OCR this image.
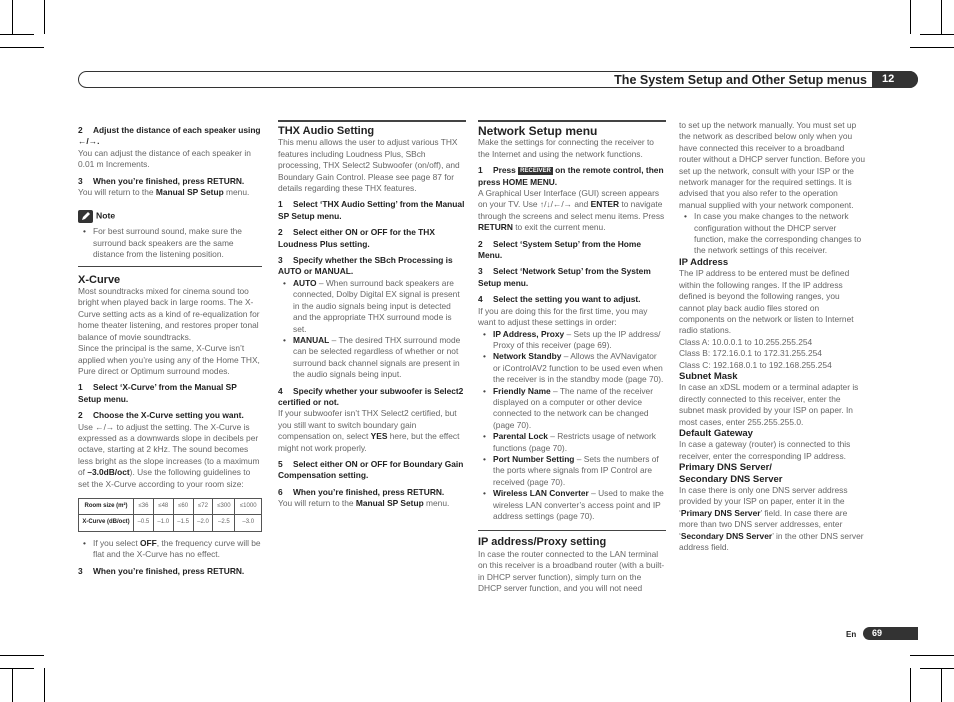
The System Setup and Other Setup menus	12

2 Adjust the distance of each speaker using ←/→.

You can adjust the distance of each speaker in 0.01 m Increments.

3 When you’re finished, press RETURN.

You will return to the Manual SP Setup menu.

Note

• For best surround sound, make sure the surround back speakers are the same distance from the listening position.

X-Curve

Most soundtracks mixed for cinema sound too bright when played back in large rooms. The X-Curve setting acts as a kind of re-equalization for home theater listening, and restores proper tonal balance of movie soundtracks.

Since the principal is the same, X-Curve isn’t applied when you’re using any of the Home THX, Pure direct or Optimum surround modes.

1 Select ‘X-Curve’ from the Manual SP Setup menu.

2 Choose the X-Curve setting you want.

Use ←/→ to adjust the setting. The X-Curve is expressed as a downwards slope in decibels per octave, starting at 2 kHz. The sound becomes less bright as the slope increases (to a maximum of –3.0dB/oct). Use the following guidelines to set the X-Curve according to your room size:

Room size (m²)	≤36	≤48	≤60	≤72	≤300	≤1000
X-Curve (dB/oct)	–0.5	–1.0	–1.5	–2.0	–2.5	–3.0
• If you select OFF, the frequency curve will be flat and the X-Curve has no effect.

3 When you’re finished, press RETURN.

THX Audio Setting

This menu allows the user to adjust various THX features including Loudness Plus, SBch processing, THX Select2 Subwoofer (on/off), and Boundary Gain Control. Please see page 87 for details regarding these THX features.

1 Select ‘THX Audio Setting’ from the Manual SP Setup menu.

2 Select either ON or OFF for the THX Loudness Plus setting.

3 Specify whether the SBch Processing is AUTO or MANUAL.

• AUTO – When surround back speakers are connected, Dolby Digital EX signal is present in the audio signals being input is detected and the appropriate THX surround mode is set.
• MANUAL – The desired THX surround mode can be selected regardless of whether or not surround back channel signals are present in the audio signals being input.

4 Specify whether your subwoofer is Select2 certified or not.

If your subwoofer isn’t THX Select2 certified, but you still want to switch boundary gain compensation on, select YES here, but the effect might not work properly.

5 Select either ON or OFF for Boundary Gain Compensation setting.

6 When you’re finished, press RETURN.

You will return to the Manual SP Setup menu.

Network Setup menu

Make the settings for connecting the receiver to the Internet and using the network functions.

1 Press RECEIVER on the remote control, then press HOME MENU.

A Graphical User Interface (GUI) screen appears on your TV. Use ↑/↓/←/→ and ENTER to navigate through the screens and select menu items. Press RETURN to exit the current menu.

2 Select ‘System Setup’ from the Home Menu.

3 Select ‘Network Setup’ from the System Setup menu.

4 Select the setting you want to adjust.

If you are doing this for the first time, you may want to adjust these settings in order:

• IP Address, Proxy – Sets up the IP address/ Proxy of this receiver (page 69).
• Network Standby – Allows the AVNavigator or iControlAV2 function to be used even when the receiver is in the standby mode (page 70).
• Friendly Name – The name of the receiver displayed on a computer or other device connected to the network can be changed (page 70).
• Parental Lock – Restricts usage of network functions (page 70).
• Port Number Setting – Sets the numbers of the ports where signals from IP Control are received (page 70).
• Wireless LAN Converter – Used to make the wireless LAN converter’s access point and IP address settings (page 70).

IP address/Proxy setting

In case the router connected to the LAN terminal on this receiver is a broadband router (with a built-in DHCP server function), simply turn on the DHCP server function, and you will not need

to set up the network manually. You must set up the network as described below only when you have connected this receiver to a broadband router without a DHCP server function. Before you set up the network, consult with your ISP or the network manager for the required settings. It is advised that you also refer to the operation manual supplied with your network component.

• In case you make changes to the network configuration without the DHCP server function, make the corresponding changes to the network settings of this receiver.

IP Address

The IP address to be entered must be defined within the following ranges. If the IP address defined is beyond the following ranges, you cannot play back audio files stored on components on the network or listen to Internet radio stations.

Class A: 10.0.0.1 to 10.255.255.254

Class B: 172.16.0.1 to 172.31.255.254

Class C: 192.168.0.1 to 192.168.255.254

Subnet Mask

In case an xDSL modem or a terminal adapter is directly connected to this receiver, enter the subnet mask provided by your ISP on paper. In most cases, enter 255.255.255.0.

Default Gateway

In case a gateway (router) is connected to this receiver, enter the corresponding IP address.

Primary DNS Server/

Secondary DNS Server

In case there is only one DNS server address provided by your ISP on paper, enter it in the ‘Primary DNS Server’ field. In case there are more than two DNS server addresses, enter ‘Secondary DNS Server’ in the other DNS server address field.

En	69
